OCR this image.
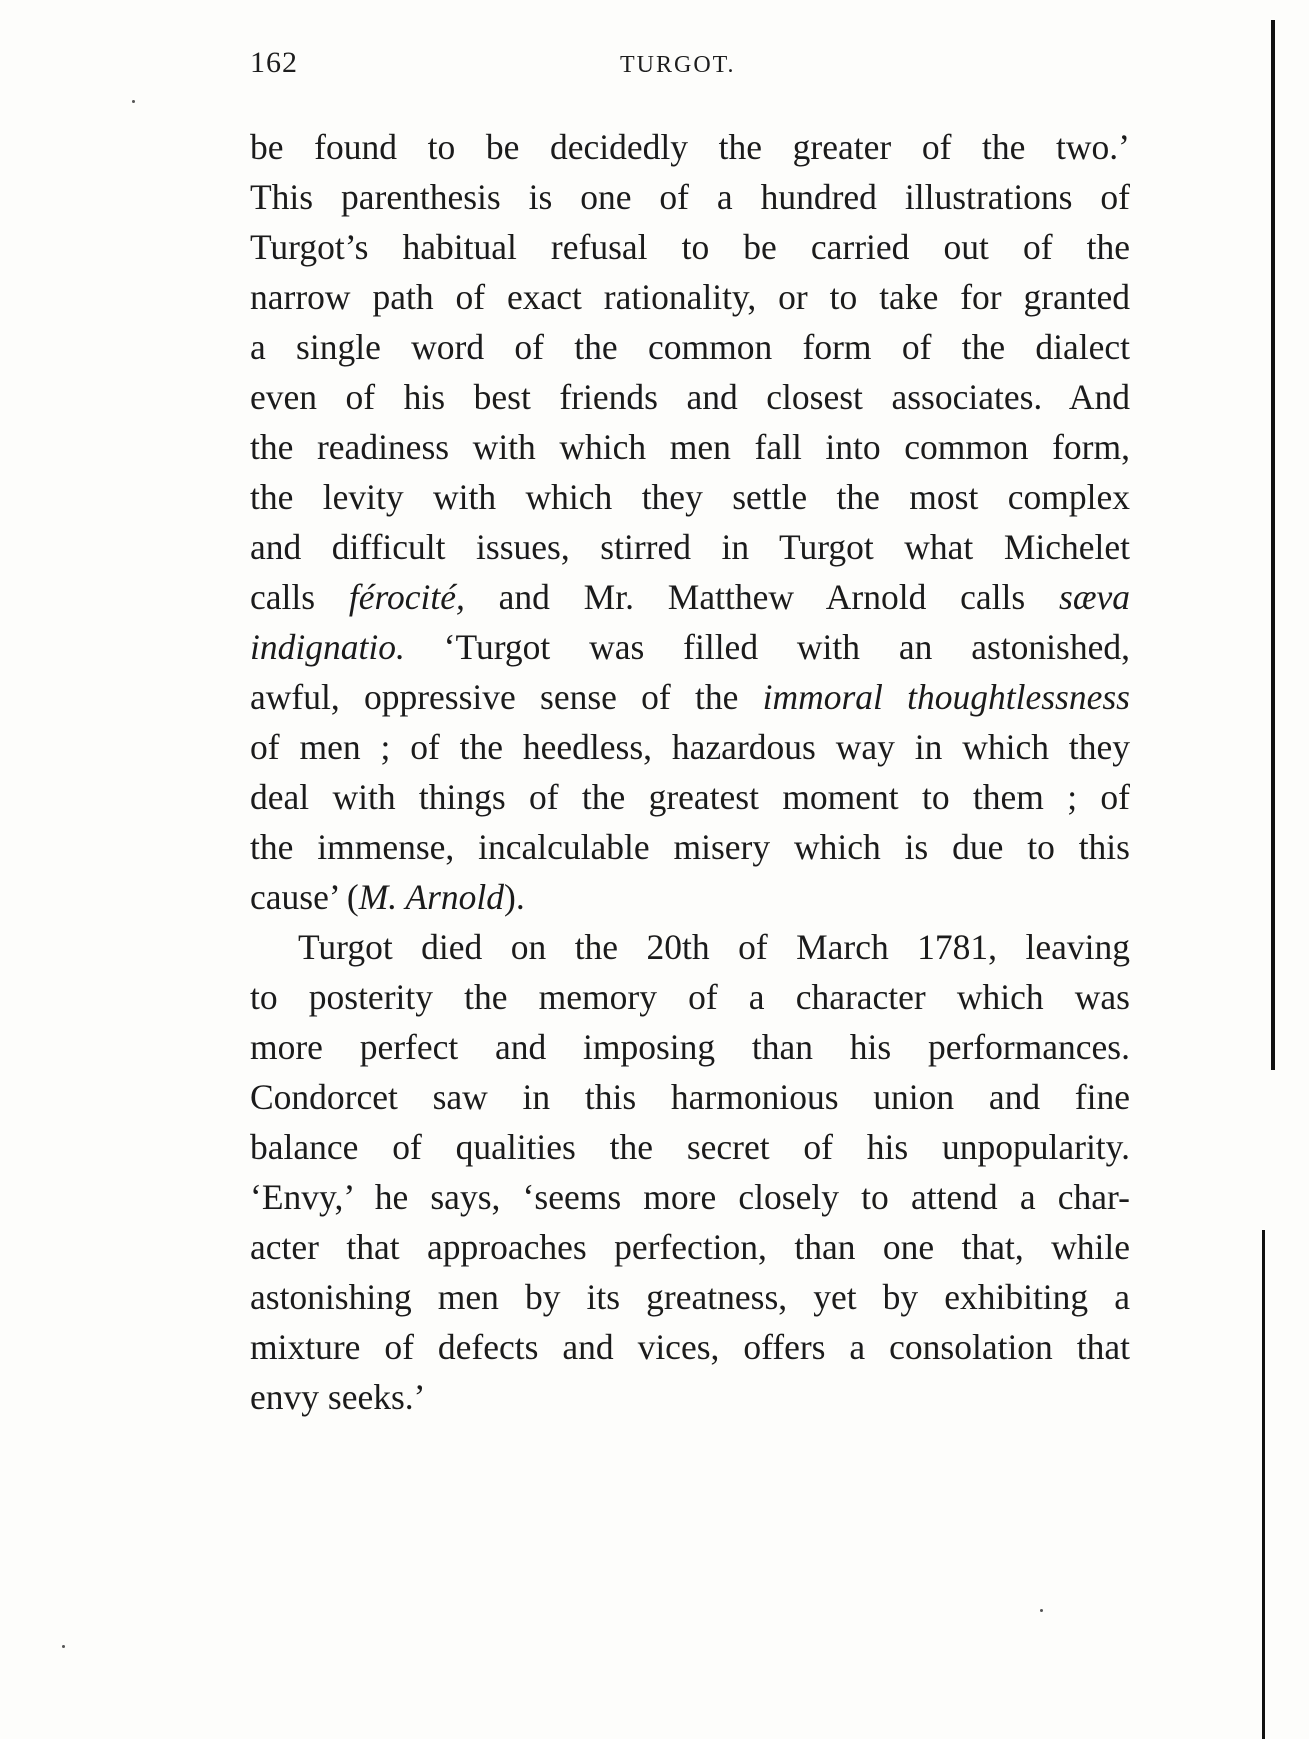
162	TURGOT.
be found to be decidedly the greater of the two.’
This parenthesis is one of a hundred illustrations of
Turgot’s habitual refusal to be carried out of the
narrow path of exact rationality, or to take for granted
a single word of the common form of the dialect
even of his best friends and closest associates. And
the readiness with which men fall into common form,
the levity with which they settle the most complex
and difficult issues, stirred in Turgot what Michelet
calls férocité, and Mr. Matthew Arnold calls sæva
indignatio. ‘Turgot was filled with an astonished,
awful, oppressive sense of the immoral thoughtlessness
of men ; of the heedless, hazardous way in which they
deal with things of the greatest moment to them ; of
the immense, incalculable misery which is due to this
cause’ (M. Arnold).
Turgot died on the 20th of March 1781, leaving
to posterity the memory of a character which was
more perfect and imposing than his performances.
Condorcet saw in this harmonious union and fine
balance of qualities the secret of his unpopularity.
‘Envy,’ he says, ‘seems more closely to attend a char-
acter that approaches perfection, than one that, while
astonishing men by its greatness, yet by exhibiting a
mixture of defects and vices, offers a consolation that
envy seeks.’
